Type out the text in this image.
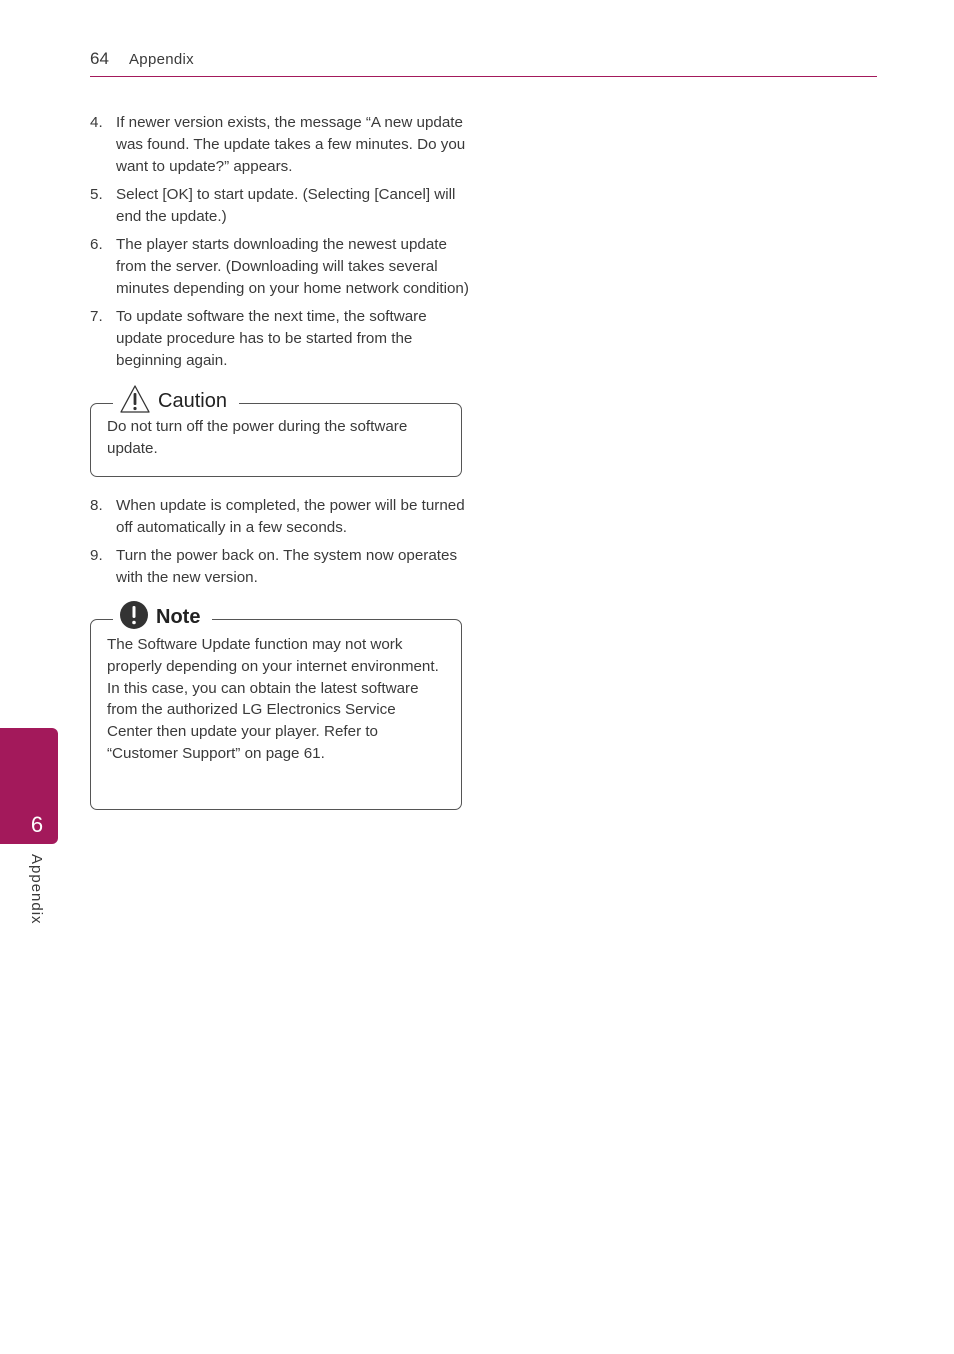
64 Appendix
4. If newer version exists, the message “A new update was found. The update takes a few minutes. Do you want to update?” appears.
5. Select [OK] to start update. (Selecting [Cancel] will end the update.)
6. The player starts downloading the newest update from the server. (Downloading will takes several minutes depending on your home network condition)
7. To update software the next time, the software update procedure has to be started from the beginning again.
Caution
Do not turn off the power during the software update.
8. When update is completed, the power will be turned off automatically in a few seconds.
9. Turn the power back on. The system now operates with the new version.
Note
The Software Update function may not work properly depending on your internet environment. In this case, you can obtain the latest software from the authorized LG Electronics Service Center then update your player. Refer to “Customer Support” on page 61.
6
Appendix
